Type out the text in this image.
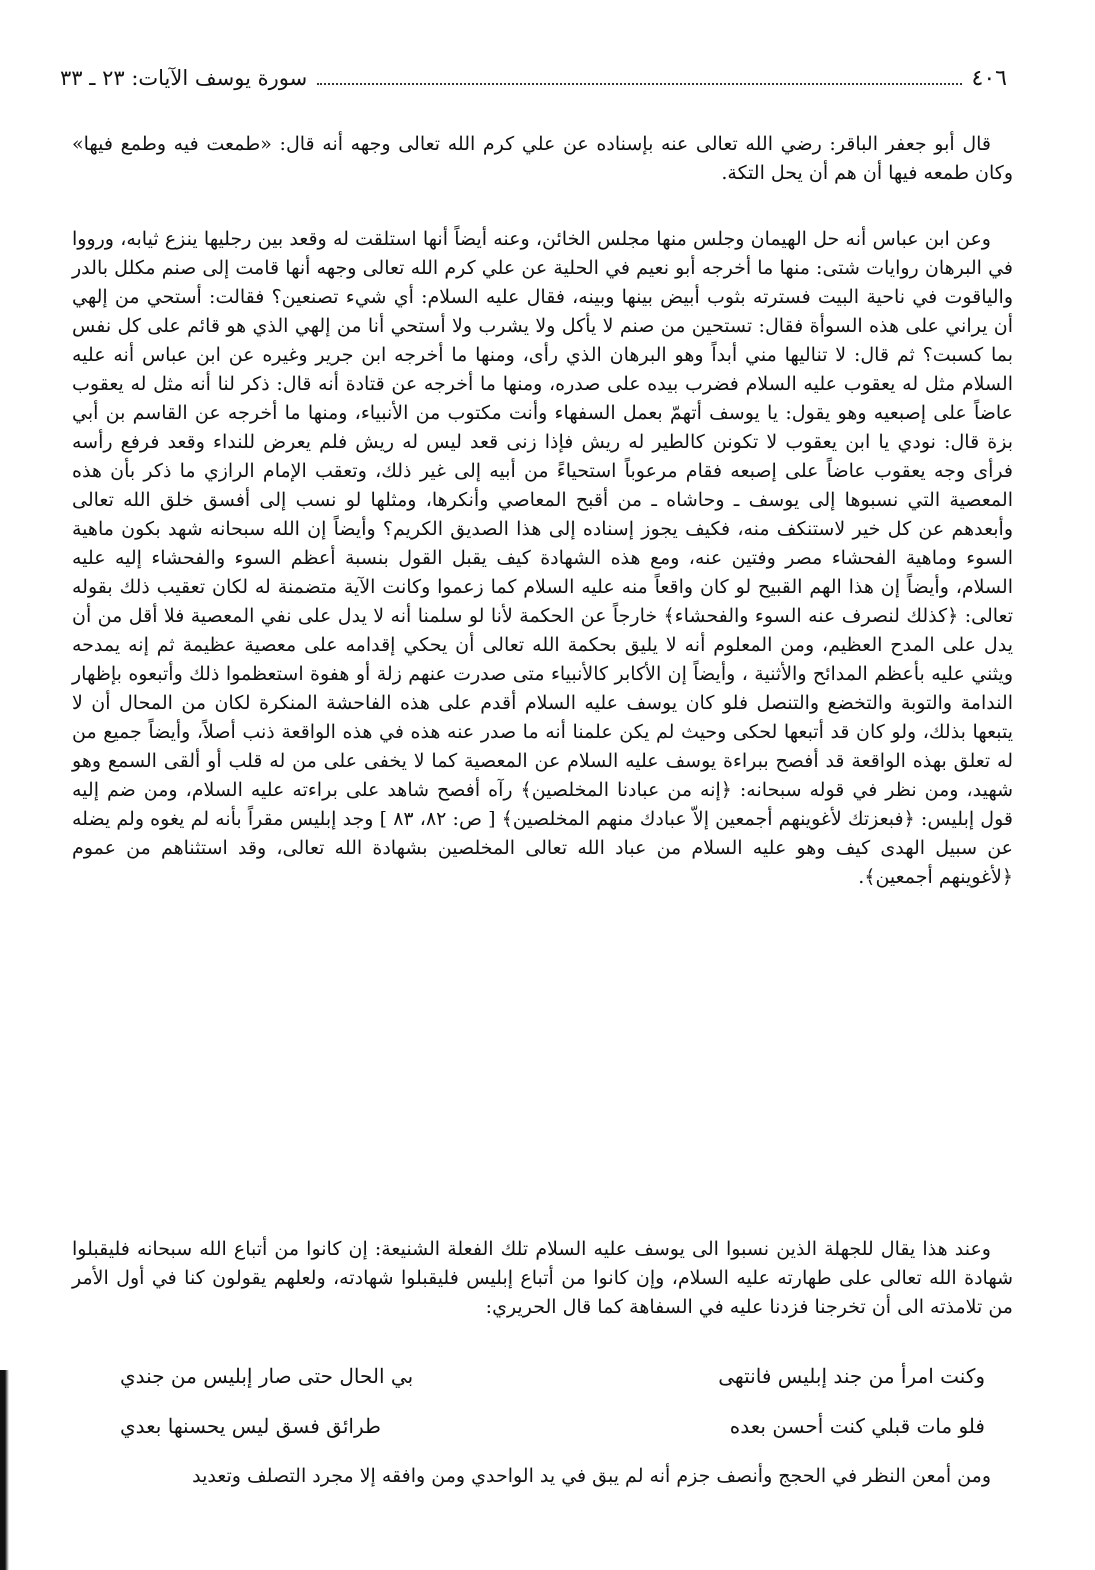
٤٠٦
سورة يوسف الآيات: ٢٣ ـ ٣٣

قال أبو جعفر الباقر: رضي الله تعالى عنه بإسناده عن علي كرم الله تعالى وجهه أنه قال: «طمعت فيه وطمع فيها» وكان طمعه فيها أن هم أن يحل التكة.

وعن ابن عباس أنه حل الهيمان وجلس منها مجلس الخائن، وعنه أيضاً أنها استلقت له وقعد بين رجليها ينزع ثيابه، ورووا في البرهان روايات شتى: منها ما أخرجه أبو نعيم في الحلية عن علي كرم الله تعالى وجهه أنها قامت إلى صنم مكلل بالدر والياقوت في ناحية البيت فسترته بثوب أبيض بينها وبينه، فقال عليه السلام: أي شيء تصنعين؟ فقالت: أستحي من إلهي أن يراني على هذه السوأة فقال: تستحين من صنم لا يأكل ولا يشرب ولا أستحي أنا من إلهي الذي هو قائم على كل نفس بما كسبت؟ ثم قال: لا تناليها مني أبداً وهو البرهان الذي رأى، ومنها ما أخرجه ابن جرير وغيره عن ابن عباس أنه عليه السلام مثل له يعقوب عليه السلام فضرب بيده على صدره، ومنها ما أخرجه عن قتادة أنه قال: ذكر لنا أنه مثل له يعقوب عاضاً على إصبعيه وهو يقول: يا يوسف أتهمّ بعمل السفهاء وأنت مكتوب من الأنبياء، ومنها ما أخرجه عن القاسم بن أبي بزة قال: نودي يا ابن يعقوب لا تكونن كالطير له ريش فإذا زنى قعد ليس له ريش فلم يعرض للنداء وقعد فرفع رأسه فرأى وجه يعقوب عاضاً على إصبعه فقام مرعوباً استحياءً من أبيه إلى غير ذلك، وتعقب الإمام الرازي ما ذكر بأن هذه المعصية التي نسبوها إلى يوسف ـ وحاشاه ـ من أقبح المعاصي وأنكرها، ومثلها لو نسب إلى أفسق خلق الله تعالى وأبعدهم عن كل خير لاستنكف منه، فكيف يجوز إسناده إلى هذا الصديق الكريم؟ وأيضاً إن الله سبحانه شهد بكون ماهية السوء وماهية الفحشاء مصر وفتين عنه، ومع هذه الشهادة كيف يقبل القول بنسبة أعظم السوء والفحشاء إليه عليه السلام، وأيضاً إن هذا الهم القبيح لو كان واقعاً منه عليه السلام كما زعموا وكانت الآية متضمنة له لكان تعقيب ذلك بقوله تعالى: ﴿كذلك لنصرف عنه السوء والفحشاء﴾ خارجاً عن الحكمة لأنا لو سلمنا أنه لا يدل على نفي المعصية فلا أقل من أن يدل على المدح العظيم، ومن المعلوم أنه لا يليق بحكمة الله تعالى أن يحكي إقدامه على معصية عظيمة ثم إنه يمدحه ويثني عليه بأعظم المدائح والأثنية ، وأيضاً إن الأكابر كالأنبياء متى صدرت عنهم زلة أو هفوة استعظموا ذلك وأتبعوه بإظهار الندامة والتوبة والتخضع والتنصل فلو كان يوسف عليه السلام أقدم على هذه الفاحشة المنكرة لكان من المحال أن لا يتبعها بذلك، ولو كان قد أتبعها لحكى وحيث لم يكن علمنا أنه ما صدر عنه هذه في هذه الواقعة ذنب أصلاً، وأيضاً جميع من له تعلق بهذه الواقعة قد أفصح ببراءة يوسف عليه السلام عن المعصية كما لا يخفى على من له قلب أو ألقى السمع وهو شهيد، ومن نظر في قوله سبحانه: ﴿إنه من عبادنا المخلصين﴾ رآه أفصح شاهد على براءته عليه السلام، ومن ضم إليه قول إبليس: ﴿فبعزتك لأغوينهم أجمعين إلاّ عبادك منهم المخلصين﴾ [ ص: ٨٢، ٨٣ ] وجد إبليس مقراً بأنه لم يغوه ولم يضله عن سبيل الهدى كيف وهو عليه السلام من عباد الله تعالى المخلصين بشهادة الله تعالى، وقد استثناهم من عموم ﴿لأغوينهم أجمعين﴾.

وعند هذا يقال للجهلة الذين نسبوا الى يوسف عليه السلام تلك الفعلة الشنيعة: إن كانوا من أتباع الله سبحانه فليقبلوا شهادة الله تعالى على طهارته عليه السلام، وإن كانوا من أتباع إبليس فليقبلوا شهادته، ولعلهم يقولون كنا في أول الأمر من تلامذته الى أن تخرجنا فزدنا عليه في السفاهة كما قال الحريري:

وكنت امرأ من جند إبليس فانتهى
بي الحال حتى صار إبليس من جندي
فلو مات قبلي كنت أحسن بعده
طرائق فسق ليس يحسنها بعدي

ومن أمعن النظر في الحجج وأنصف جزم أنه لم يبق في يد الواحدي ومن وافقه إلا مجرد التصلف وتعديد
